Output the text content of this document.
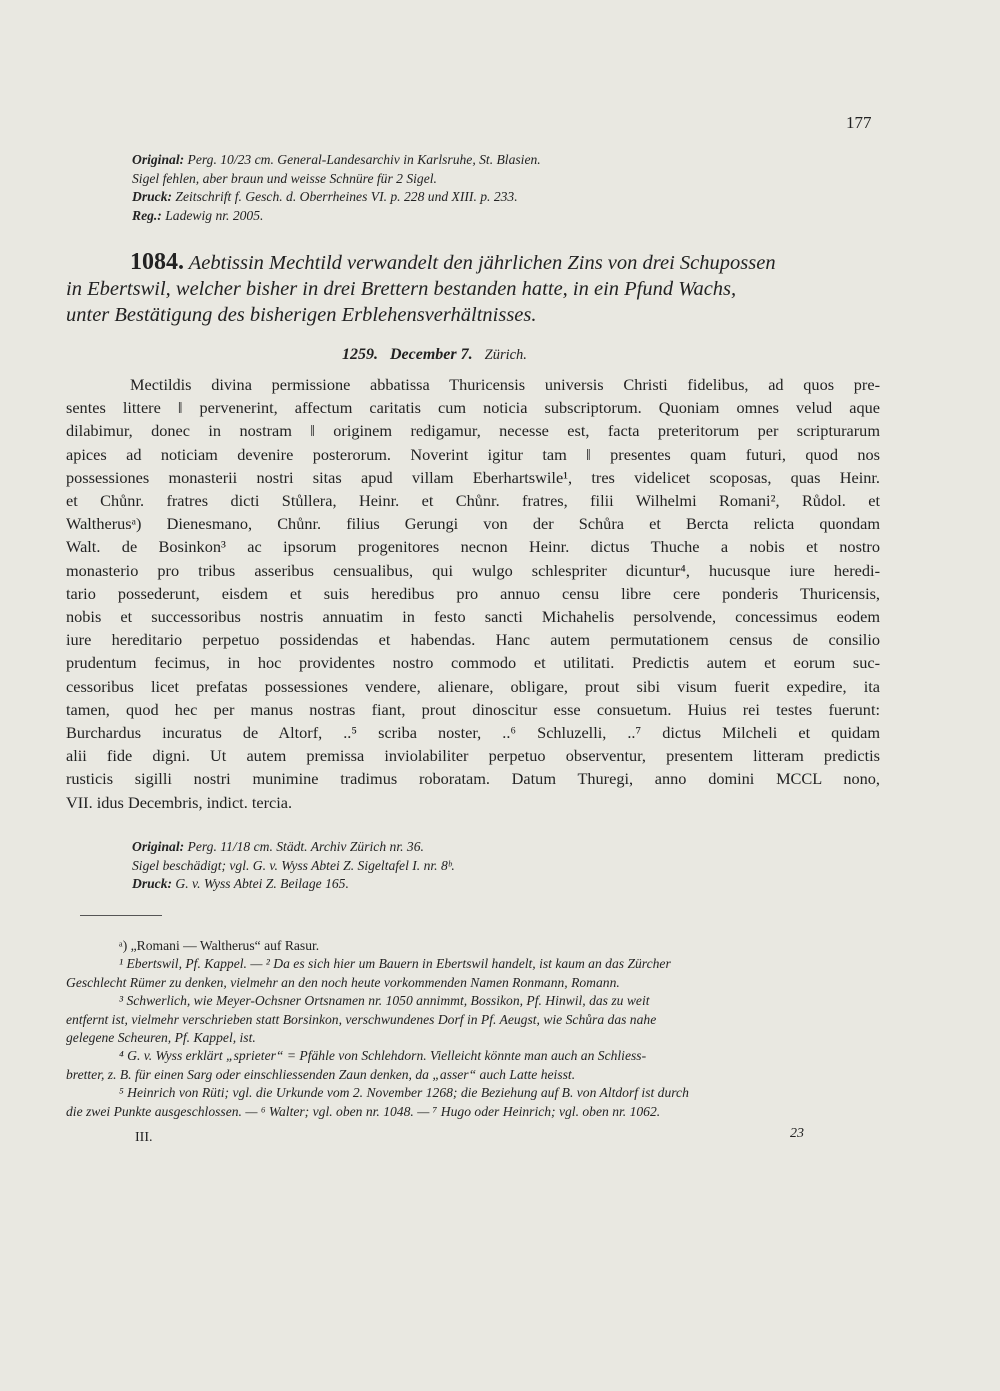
177
Original: Perg. 10/23 cm. General-Landesarchiv in Karlsruhe, St. Blasien.
Sigel fehlen, aber braun und weisse Schnüre für 2 Sigel.
Druck: Zeitschrift f. Gesch. d. Oberrheines VI. p. 228 und XIII. p. 233.
Reg.: Ladewig nr. 2005.
1084. Aebtissin Mechtild verwandelt den jährlichen Zins von drei Schupossen
in Ebertswil, welcher bisher in drei Brettern bestanden hatte, in ein Pfund Wachs,
unter Bestätigung des bisherigen Erblehensverhältnisses.
1259. December 7. Zürich.
Mectildis divina permissione abbatissa Thuricensis universis Christi fidelibus, ad quos pre-
sentes littere ‖ pervenerint, affectum caritatis cum noticia subscriptorum. Quoniam omnes velud aque
dilabimur, donec in nostram ‖ originem redigamur, necesse est, facta preteritorum per scripturarum
apices ad noticiam devenire posterorum. Noverint igitur tam ‖ presentes quam futuri, quod nos
possessiones monasterii nostri sitas apud villam Eberhartswile¹, tres videlicet scoposas, quas Heinr.
et Chůnr. fratres dicti Stůllera, Heinr. et Chůnr. fratres, filii Wilhelmi Romani², Růdol. et
Waltherusᵃ) Dienesmano, Chůnr. filius Gerungi von der Schůra et Bercta relicta quondam
Walt. de Bosinkon³ ac ipsorum progenitores necnon Heinr. dictus Thuche a nobis et nostro
monasterio pro tribus asseribus censualibus, qui wulgo schlespriter dicuntur⁴, hucusque iure heredi-
tario possederunt, eisdem et suis heredibus pro annuo censu libre cere ponderis Thuricensis,
nobis et successoribus nostris annuatim in festo sancti Michahelis persolvende, concessimus eodem
iure hereditario perpetuo possidendas et habendas. Hanc autem permutationem census de consilio
prudentum fecimus, in hoc providentes nostro commodo et utilitati. Predictis autem et eorum suc-
cessoribus licet prefatas possessiones vendere, alienare, obligare, prout sibi visum fuerit expedire, ita
tamen, quod hec per manus nostras fiant, prout dinoscitur esse consuetum. Huius rei testes fuerunt:
Burchardus incuratus de Altorf, ..⁵ scriba noster, ..⁶ Schluzelli, ..⁷ dictus Milcheli et quidam
alii fide digni. Ut autem premissa inviolabiliter perpetuo observentur, presentem litteram predictis
rusticis sigilli nostri munimine tradimus roboratam. Datum Thuregi, anno domini MCCL nono,
VII. idus Decembris, indict. tercia.
Original: Perg. 11/18 cm. Städt. Archiv Zürich nr. 36.
Sigel beschädigt; vgl. G. v. Wyss Abtei Z. Sigeltafel I. nr. 8ᵇ.
Druck: G. v. Wyss Abtei Z. Beilage 165.
ᵃ) „Romani — Waltherus“ auf Rasur.
¹ Ebertswil, Pf. Kappel. — ² Da es sich hier um Bauern in Ebertswil handelt, ist kaum an das Zürcher
Geschlecht Rümer zu denken, vielmehr an den noch heute vorkommenden Namen Ronmann, Romann.
³ Schwerlich, wie Meyer-Ochsner Ortsnamen nr. 1050 annimmt, Bossikon, Pf. Hinwil, das zu weit
entfernt ist, vielmehr verschrieben statt Borsinkon, verschwundenes Dorf in Pf. Aeugst, wie Schůra das nahe
gelegene Scheuren, Pf. Kappel, ist.
⁴ G. v. Wyss erklärt „sprieter“ = Pfähle von Schlehdorn. Vielleicht könnte man auch an Schliess-
bretter, z. B. für einen Sarg oder einschliessenden Zaun denken, da „asser“ auch Latte heisst.
⁵ Heinrich von Rüti; vgl. die Urkunde vom 2. November 1268; die Beziehung auf B. von Altdorf ist durch
die zwei Punkte ausgeschlossen. — ⁶ Walter; vgl. oben nr. 1048. — ⁷ Hugo oder Heinrich; vgl. oben nr. 1062.
III.	23
